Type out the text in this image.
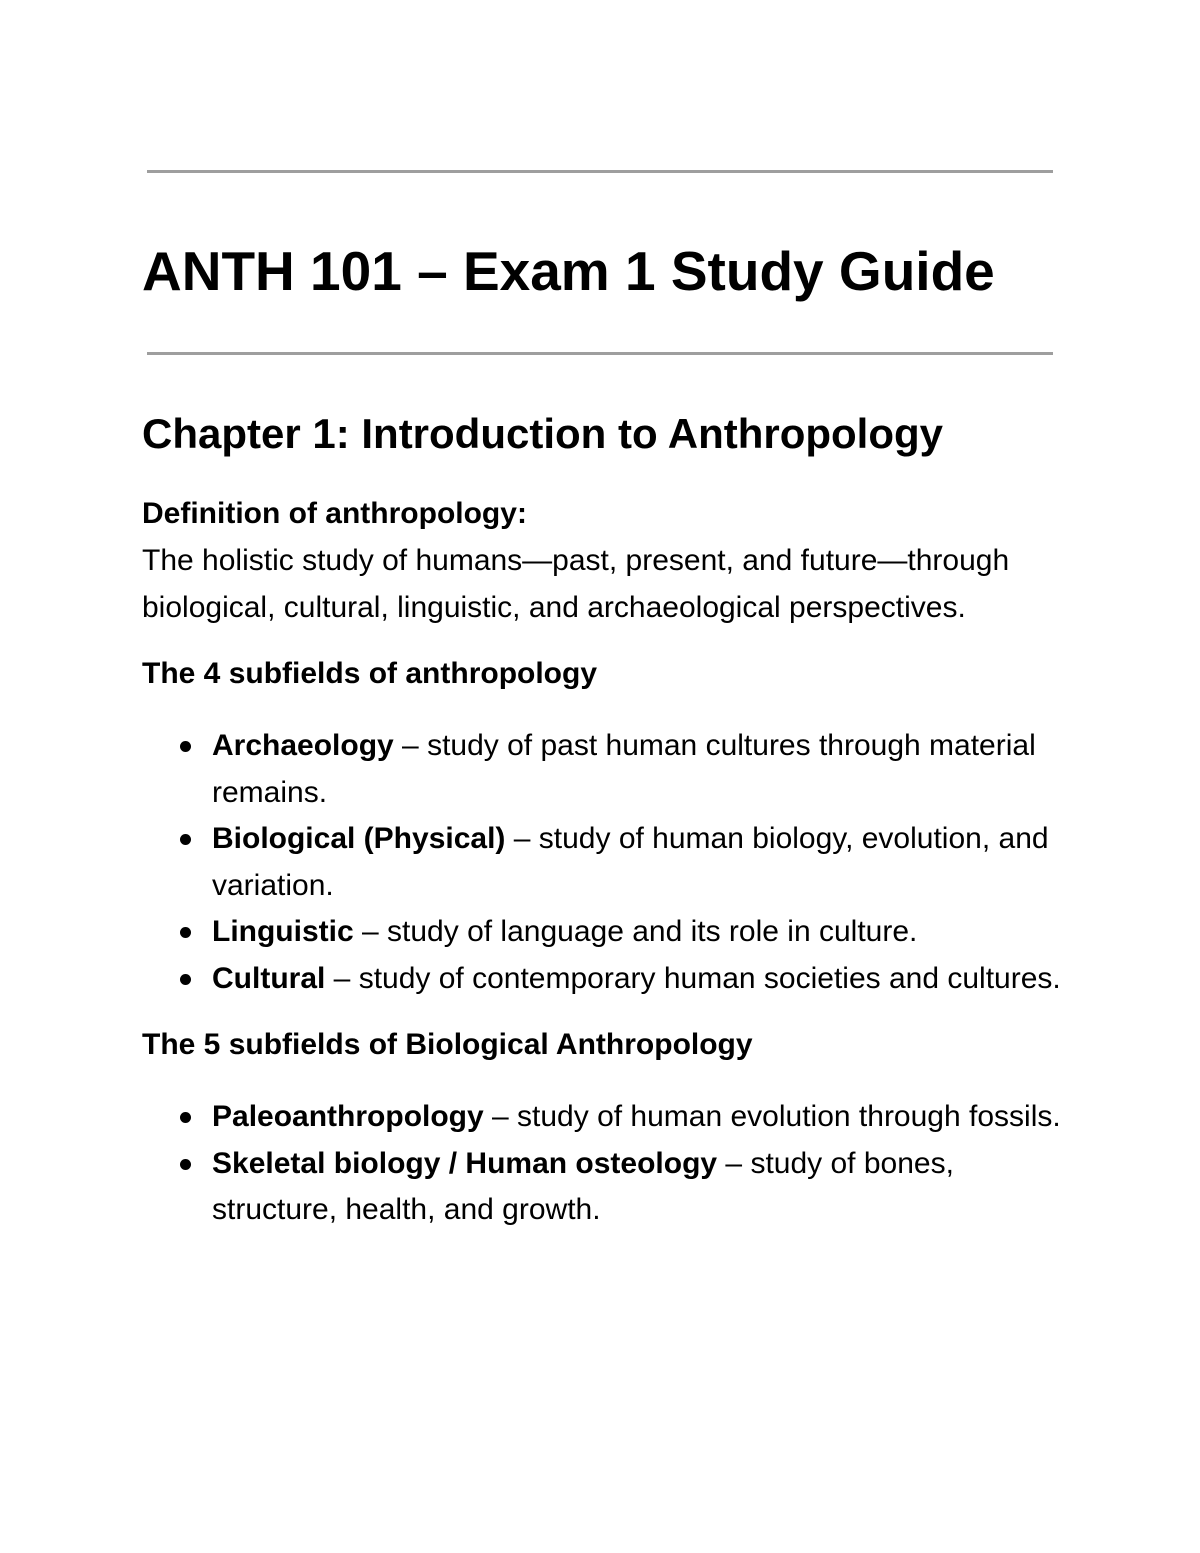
ANTH 101 – Exam 1 Study Guide
Chapter 1: Introduction to Anthropology

Definition of anthropology:

The holistic study of humans—past, present, and future—through biological, cultural, linguistic, and archaeological perspectives.

The 4 subfields of anthropology

Archaeology – study of past human cultures through material remains.
Biological (Physical) – study of human biology, evolution, and variation.
Linguistic – study of language and its role in culture.
Cultural – study of contemporary human societies and cultures.

The 5 subfields of Biological Anthropology

Paleoanthropology – study of human evolution through fossils.
Skeletal biology / Human osteology – study of bones, structure, health, and growth.
